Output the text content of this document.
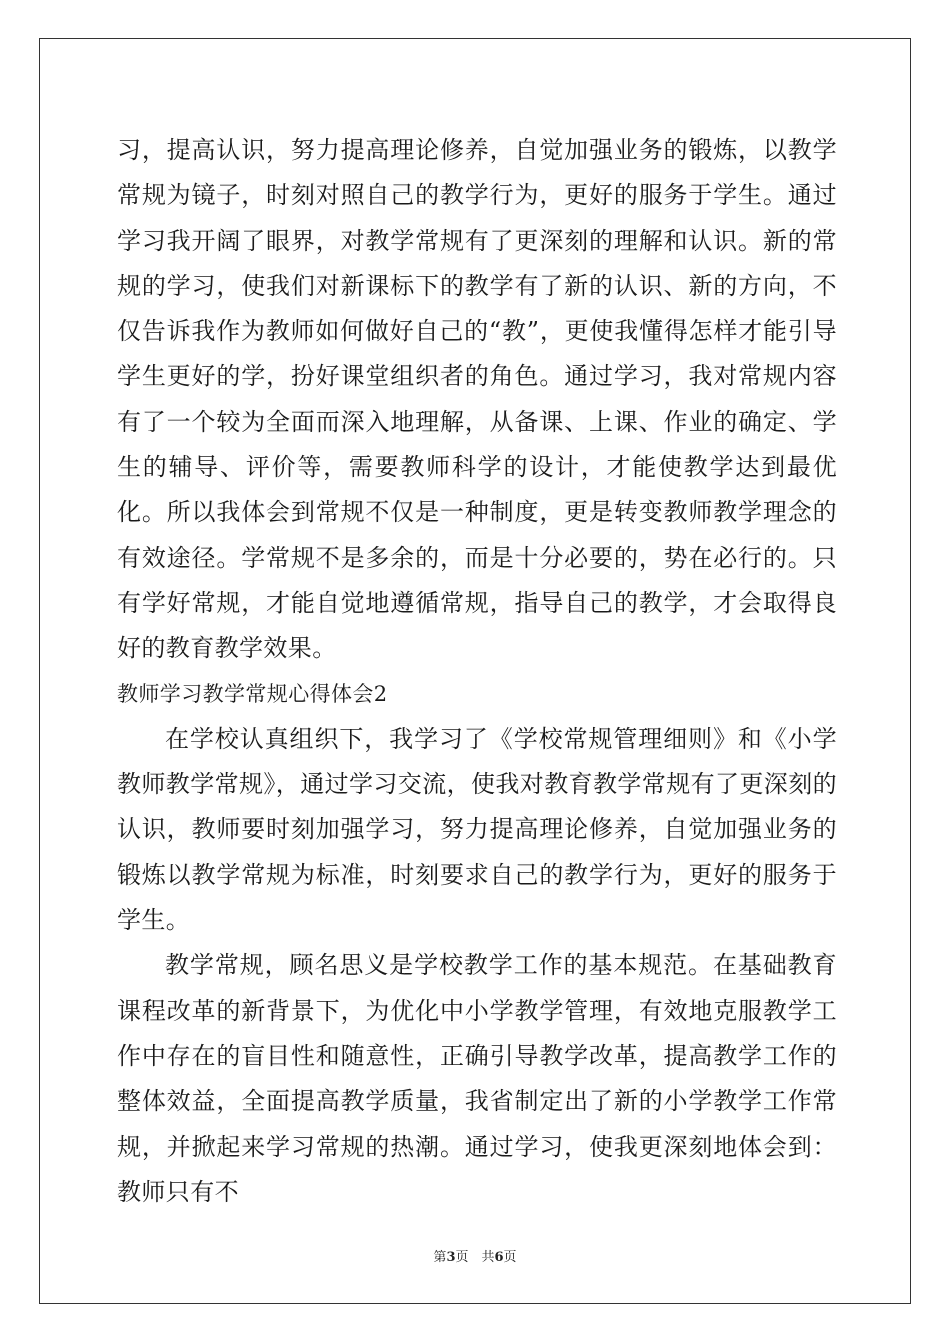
习，提高认识，努力提高理论修养，自觉加强业务的锻炼，以教学常规为镜子，时刻对照自己的教学行为，更好的服务于学生。通过学习我开阔了眼界，对教学常规有了更深刻的理解和认识。新的常规的学习，使我们对新课标下的教学有了新的认识、新的方向，不仅告诉我作为教师如何做好自己的“教”，更使我懂得怎样才能引导学生更好的学，扮好课堂组织者的角色。通过学习，我对常规内容有了一个较为全面而深入地理解，从备课、上课、作业的确定、学生的辅导、评价等，需要教师科学的设计，才能使教学达到最优化。所以我体会到常规不仅是一种制度，更是转变教师教学理念的有效途径。学常规不是多余的，而是十分必要的，势在必行的。只有学好常规，才能自觉地遵循常规，指导自己的教学，才会取得良好的教育教学效果。

教师学习教学常规心得体会2

在学校认真组织下，我学习了《学校常规管理细则》和《小学教师教学常规》，通过学习交流，使我对教育教学常规有了更深刻的认识，教师要时刻加强学习，努力提高理论修养，自觉加强业务的锻炼以教学常规为标准，时刻要求自己的教学行为，更好的服务于学生。

教学常规，顾名思义是学校教学工作的基本规范。在基础教育课程改革的新背景下，为优化中小学教学管理，有效地克服教学工作中存在的盲目性和随意性，正确引导教学改革，提高教学工作的整体效益，全面提高教学质量，我省制定出了新的小学教学工作常规，并掀起来学习常规的热潮。通过学习，使我更深刻地体会到：教师只有不

第3页　共6页
